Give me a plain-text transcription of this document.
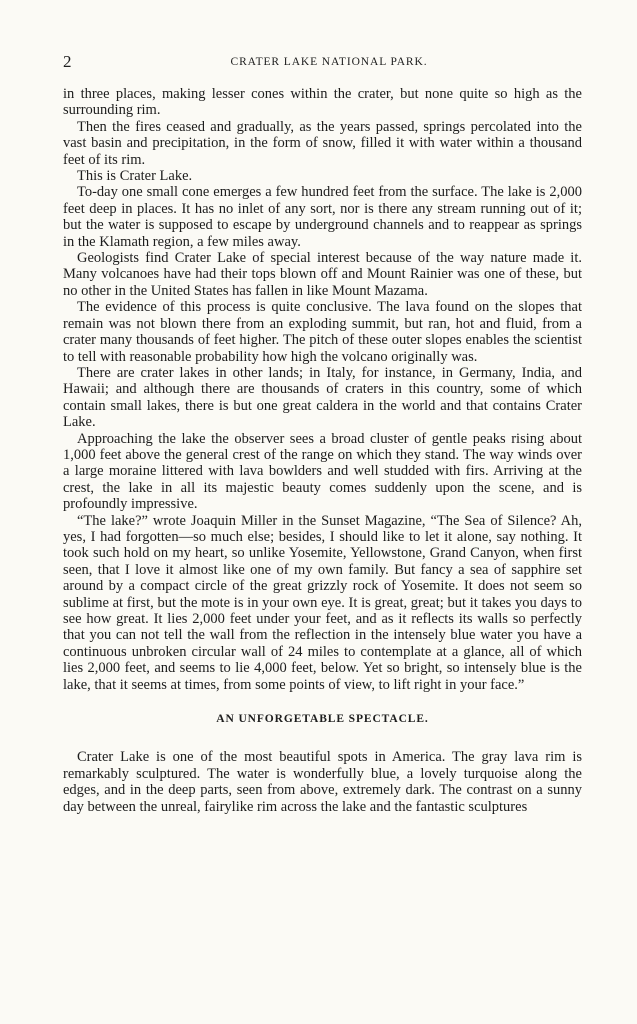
2	CRATER LAKE NATIONAL PARK.

in three places, making lesser cones within the crater, but none quite so high as the surrounding rim.

Then the fires ceased and gradually, as the years passed, springs percolated into the vast basin and precipitation, in the form of snow, filled it with water within a thousand feet of its rim.

This is Crater Lake.

To-day one small cone emerges a few hundred feet from the surface. The lake is 2,000 feet deep in places. It has no inlet of any sort, nor is there any stream running out of it; but the water is supposed to escape by underground channels and to reappear as springs in the Klamath region, a few miles away.

Geologists find Crater Lake of special interest because of the way nature made it. Many volcanoes have had their tops blown off and Mount Rainier was one of these, but no other in the United States has fallen in like Mount Mazama.

The evidence of this process is quite conclusive. The lava found on the slopes that remain was not blown there from an exploding summit, but ran, hot and fluid, from a crater many thousands of feet higher. The pitch of these outer slopes enables the scientist to tell with reasonable probability how high the volcano originally was.

There are crater lakes in other lands; in Italy, for instance, in Germany, India, and Hawaii; and although there are thousands of craters in this country, some of which contain small lakes, there is but one great caldera in the world and that contains Crater Lake.

Approaching the lake the observer sees a broad cluster of gentle peaks rising about 1,000 feet above the general crest of the range on which they stand. The way winds over a large moraine littered with lava bowlders and well studded with firs. Arriving at the crest, the lake in all its majestic beauty comes suddenly upon the scene, and is profoundly impressive.

“The lake?” wrote Joaquin Miller in the Sunset Magazine, “The Sea of Silence? Ah, yes, I had forgotten—so much else; besides, I should like to let it alone, say nothing. It took such hold on my heart, so unlike Yosemite, Yellowstone, Grand Canyon, when first seen, that I love it almost like one of my own family. But fancy a sea of sapphire set around by a compact circle of the great grizzly rock of Yosemite. It does not seem so sublime at first, but the mote is in your own eye. It is great, great; but it takes you days to see how great. It lies 2,000 feet under your feet, and as it reflects its walls so perfectly that you can not tell the wall from the reflection in the intensely blue water you have a continuous unbroken circular wall of 24 miles to contemplate at a glance, all of which lies 2,000 feet, and seems to lie 4,000 feet, below. Yet so bright, so intensely blue is the lake, that it seems at times, from some points of view, to lift right in your face.”

AN UNFORGETABLE SPECTACLE.

Crater Lake is one of the most beautiful spots in America. The gray lava rim is remarkably sculptured. The water is wonderfully blue, a lovely turquoise along the edges, and in the deep parts, seen from above, extremely dark. The contrast on a sunny day between the unreal, fairylike rim across the lake and the fantastic sculptures
